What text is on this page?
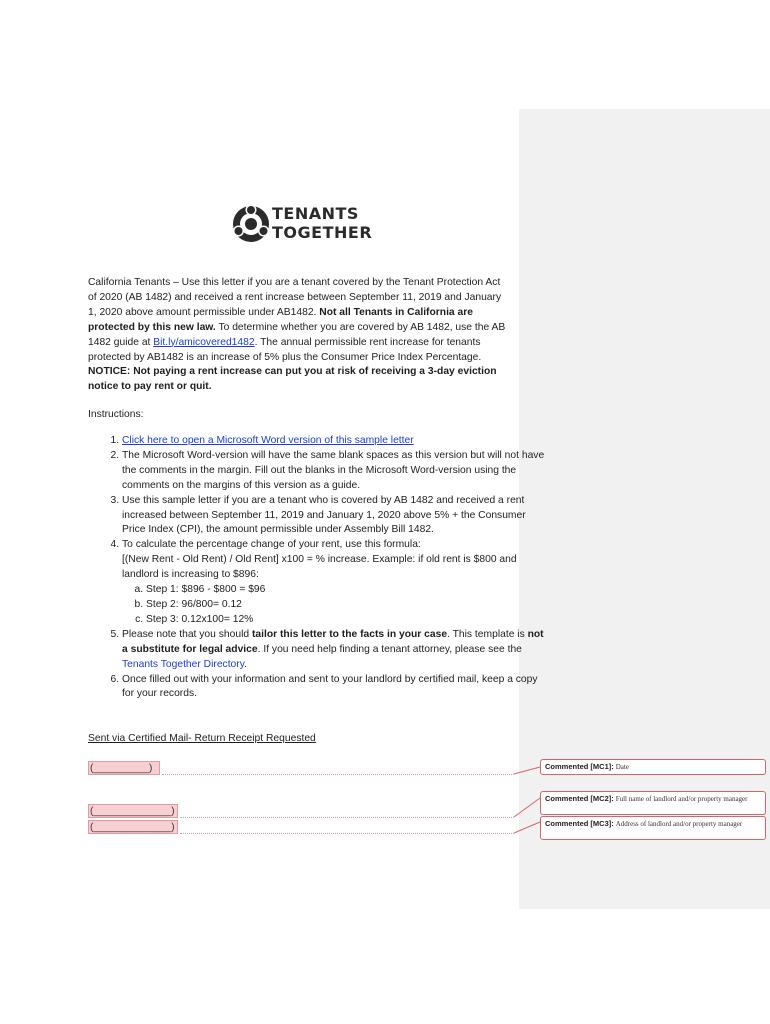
TENANTS
TOGETHER
California Tenants – Use this letter if you are a tenant covered by the Tenant Protection Act of 2020 (AB 1482) and received a rent increase between September 11, 2019 and January 1, 2020 above amount permissible under AB1482. Not all Tenants in California are protected by this new law. To determine whether you are covered by AB 1482, use the AB 1482 guide at Bit.ly/amicovered1482. The annual permissible rent increase for tenants protected by AB1482 is an increase of 5% plus the Consumer Price Index Percentage. NOTICE: Not paying a rent increase can put you at risk of receiving a 3-day eviction notice to pay rent or quit.
Instructions:
1. Click here to open a Microsoft Word version of this sample letter
2. The Microsoft Word-version will have the same blank spaces as this version but will not have the comments in the margin. Fill out the blanks in the Microsoft Word-version using the comments on the margins of this version as a guide.
3. Use this sample letter if you are a tenant who is covered by AB 1482 and received a rent increased between September 11, 2019 and January 1, 2020 above 5% + the Consumer Price Index (CPI), the amount permissible under Assembly Bill 1482.
4. To calculate the percentage change of your rent, use this formula:
[(New Rent - Old Rent) / Old Rent] x100 = % increase. Example: if old rent is $800 and landlord is increasing to $896:
a. Step 1: $896 - $800 = $96
b. Step 2: 96/800= 0.12
c. Step 3: 0.12x100= 12%
5. Please note that you should tailor this letter to the facts in your case. This template is not a substitute for legal advice. If you need help finding a tenant attorney, please see the Tenants Together Directory.
6. Once filled out with your information and sent to your landlord by certified mail, keep a copy for your records.
Sent via Certified Mail- Return Receipt Requested
(__________)
(______________)
(______________)
Commented [MC1]: Date
Commented [MC2]: Full name of landlord and/or property manager
Commented [MC3]: Address of landlord and/or property manager
